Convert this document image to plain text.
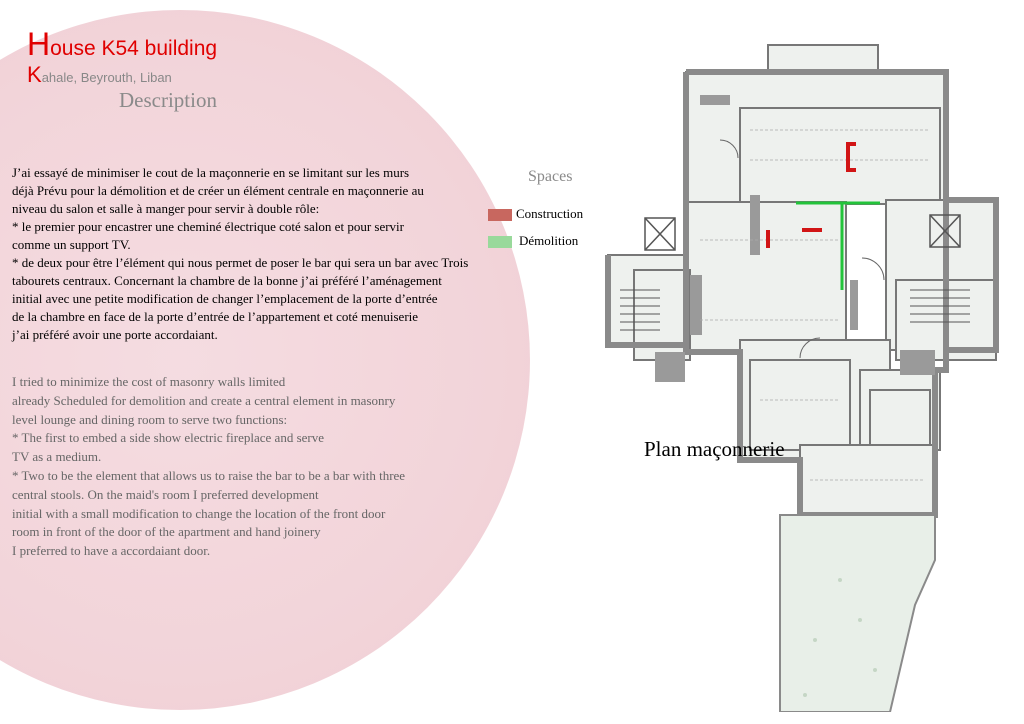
House K54 building

Kahale, Beyrouth, Liban

Description
J’ai essayé de minimiser le cout de la maçonnerie en se limitant sur les murs
déjà Prévu pour la démolition et de créer un élément centrale en maçonnerie au
niveau du salon et salle à manger pour servir à double rôle:
* le premier pour encastrer une cheminé électrique coté salon et pour servir
comme un support TV.
* de deux pour être l’élément qui nous permet de poser le bar qui sera un bar avec Trois
tabourets centraux. Concernant la chambre de la bonne j’ai préféré l’aménagement
initial avec une petite modification de changer l’emplacement de la porte d’entrée
de la chambre en face de la porte d’entrée de l’appartement et coté menuiserie
j’ai préféré avoir une porte accordaiant.
I tried to minimize the cost of masonry walls limited
already Scheduled for demolition and create a central element in masonry
level lounge and dining room to serve two functions:
* The first to embed a side show electric fireplace and serve
TV as a medium.
* Two to be the element that allows us to raise the bar to be a bar with three
central stools. On the maid's room I preferred development
initial with a small modification to change the location of the front door
room in front of the door of the apartment and hand joinery
I preferred to have a accordaiant door.
Spaces
Construction
Démolition
Plan maçonnerie
